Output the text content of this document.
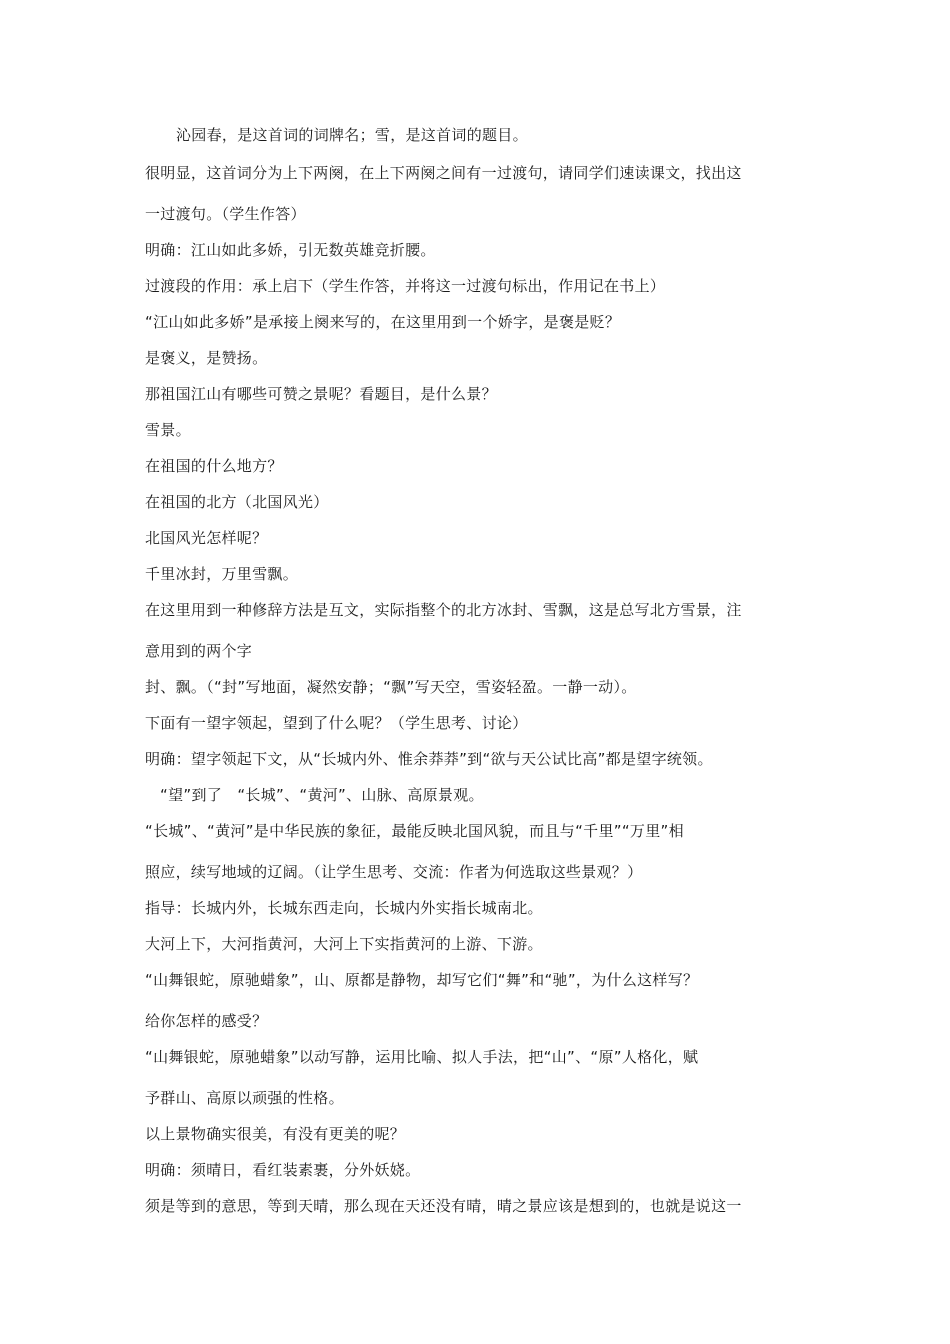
沁园春，是这首词的词牌名；雪，是这首词的题目。
很明显，这首词分为上下两阕，在上下两阕之间有一过渡句，请同学们速读课文，找出这
一过渡句。（学生作答）
明确：江山如此多娇，引无数英雄竞折腰。
过渡段的作用：承上启下（学生作答，并将这一过渡句标出，作用记在书上）
“江山如此多娇”是承接上阕来写的，在这里用到一个娇字，是褒是贬？
是褒义，是赞扬。
那祖国江山有哪些可赞之景呢？看题目，是什么景？
雪景。
在祖国的什么地方？
在祖国的北方（北国风光）
北国风光怎样呢？
千里冰封，万里雪飘。
在这里用到一种修辞方法是互文，实际指整个的北方冰封、雪飘，这是总写北方雪景，注
意用到的两个字
封、飘。（“封”写地面，凝然安静；“飘”写天空，雪姿轻盈。一静一动）。
下面有一望字领起，望到了什么呢？（学生思考、讨论）
明确：望字领起下文，从“长城内外、惟余莽莽”到“欲与天公试比高”都是望字统领。
“望”到了　“长城”、“黄河”、山脉、高原景观。
“长城”、“黄河”是中华民族的象征，最能反映北国风貌，而且与“千里”“万里”相
照应，续写地域的辽阔。（让学生思考、交流：作者为何选取这些景观？）
指导：长城内外，长城东西走向，长城内外实指长城南北。
大河上下，大河指黄河，大河上下实指黄河的上游、下游。
“山舞银蛇，原驰蜡象”，山、原都是静物，却写它们“舞”和“驰”，为什么这样写？
给你怎样的感受？
“山舞银蛇，原驰蜡象”以动写静，运用比喻、拟人手法，把“山”、“原”人格化，赋
予群山、高原以顽强的性格。
以上景物确实很美，有没有更美的呢？
明确：须晴日，看红装素裹，分外妖娆。
须是等到的意思，等到天晴，那么现在天还没有晴，晴之景应该是想到的，也就是说这一
